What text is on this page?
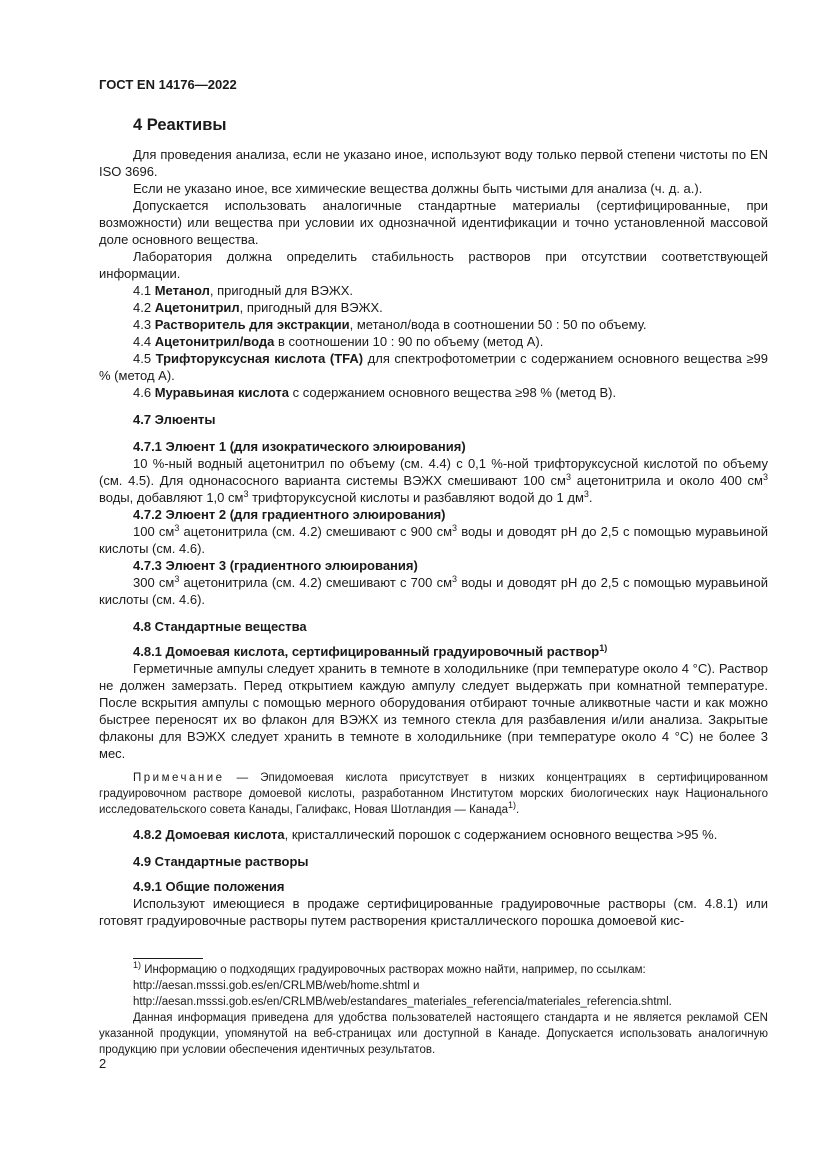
ГОСТ EN 14176—2022
4 Реактивы

Для проведения анализа, если не указано иное, используют воду только первой степени чистоты по EN ISO 3696.

Если не указано иное, все химические вещества должны быть чистыми для анализа (ч. д. а.).

Допускается использовать аналогичные стандартные материалы (сертифицированные, при возможности) или вещества при условии их однозначной идентификации и точно установленной массовой доле основного вещества.

Лаборатория должна определить стабильность растворов при отсутствии соответствующей информации.

4.1 Метанол, пригодный для ВЭЖХ.

4.2 Ацетонитрил, пригодный для ВЭЖХ.

4.3 Растворитель для экстракции, метанол/вода в соотношении 50 : 50 по объему.

4.4 Ацетонитрил/вода в соотношении 10 : 90 по объему (метод А).

4.5 Трифторуксусная кислота (TFA) для спектрофотометрии с содержанием основного вещества ≥99 % (метод А).

4.6 Муравьиная кислота с содержанием основного вещества ≥98 % (метод В).

4.7 Элюенты
4.7.1 Элюент 1 (для изократического элюирования)

10 %-ный водный ацетонитрил по объему (см. 4.4) с 0,1 %-ной трифторуксусной кислотой по объему (см. 4.5). Для однонасосного варианта системы ВЭЖХ смешивают 100 $см^3$ ацетонитрила и около 400 $см^3$ воды, добавляют 1,0 $см^3$ трифторуксусной кислоты и разбавляют водой до 1 $дм^3$.

4.7.2 Элюент 2 (для градиентного элюирования)

100 $см^3$ ацетонитрила (см. 4.2) смешивают с 900 $см^3$ воды и доводят pH до 2,5 с помощью муравьиной кислоты (см. 4.6).

4.7.3 Элюент 3 (градиентного элюирования)

300 $см^3$ ацетонитрила (см. 4.2) смешивают с 700 $см^3$ воды и доводят pH до 2,5 с помощью муравьиной кислоты (см. 4.6).

4.8 Стандартные вещества
4.8.1 Домоевая кислота, сертифицированный градуировочный раствор$^{1)}$

Герметичные ампулы следует хранить в темноте в холодильнике (при температуре около 4 °С). Раствор не должен замерзать. Перед открытием каждую ампулу следует выдержать при комнатной температуре. После вскрытия ампулы с помощью мерного оборудования отбирают точные аликвотные части и как можно быстрее переносят их во флакон для ВЭЖХ из темного стекла для разбавления и/или анализа. Закрытые флаконы для ВЭЖХ следует хранить в темноте в холодильнике (при температуре около 4 °С) не более 3 мес.

Примечание — Эпидомоевая кислота присутствует в низких концентрациях в сертифицированном градуировочном растворе домоевой кислоты, разработанном Институтом морских биологических наук Национального исследовательского совета Канады, Галифакс, Новая Шотландия — Канада$^{1)}$.

4.8.2 Домоевая кислота, кристаллический порошок с содержанием основного вещества >95 %.

4.9 Стандартные растворы
4.9.1 Общие положения

Используют имеющиеся в продаже сертифицированные градуировочные растворы (см. 4.8.1) или готовят градуировочные растворы путем растворения кристаллического порошка домоевой кис-

$^{1)}$ Информацию о подходящих градуировочных растворах можно найти, например, по ссылкам:

http://aesan.msssi.gob.es/en/CRLMB/web/home.shtml и

http://aesan.msssi.gob.es/en/CRLMB/web/estandares_materiales_referencia/materiales_referencia.shtml.

Данная информация приведена для удобства пользователей настоящего стандарта и не является рекламой CEN указанной продукции, упомянутой на веб-страницах или доступной в Канаде. Допускается использовать аналогичную продукцию при условии обеспечения идентичных результатов.

2
